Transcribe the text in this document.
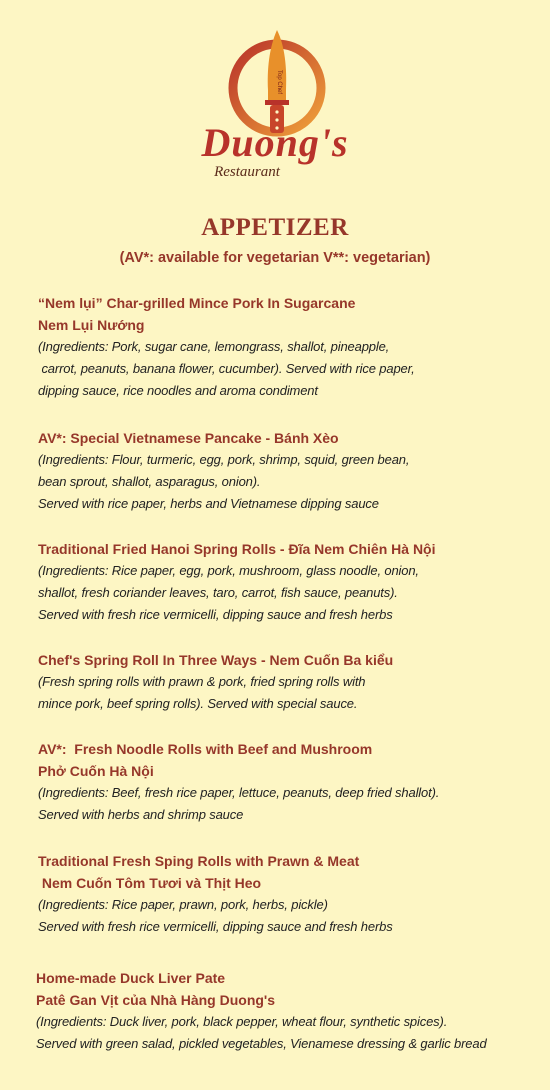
Top Chef
Duong's
Restaurant
APPETIZER
(AV*: available for vegetarian V**: vegetarian)
“Nem lụi” Char-grilled Mince Pork In Sugarcane
Nem Lụi Nướng
(Ingredients: Pork, sugar cane, lemongrass, shallot, pineapple,
carrot, peanuts, banana flower, cucumber). Served with rice paper,
dipping sauce, rice noodles and aroma condiment
AV*: Special Vietnamese Pancake - Bánh Xèo
(Ingredients: Flour, turmeric, egg, pork, shrimp, squid, green bean,
bean sprout, shallot, asparagus, onion).
Served with rice paper, herbs and Vietnamese dipping sauce
Traditional Fried Hanoi Spring Rolls - Đĩa Nem Chiên Hà Nội
(Ingredients: Rice paper, egg, pork, mushroom, glass noodle, onion,
shallot, fresh coriander leaves, taro, carrot, fish sauce, peanuts).
Served with fresh rice vermicelli, dipping sauce and fresh herbs
Chef's Spring Roll In Three Ways - Nem Cuốn Ba kiểu
(Fresh spring rolls with prawn & pork, fried spring rolls with
mince pork, beef spring rolls). Served with special sauce.
AV*:  Fresh Noodle Rolls with Beef and Mushroom
Phở Cuốn Hà Nội
(Ingredients: Beef, fresh rice paper, lettuce, peanuts, deep fried shallot).
Served with herbs and shrimp sauce
Traditional Fresh Sping Rolls with Prawn & Meat
Nem Cuốn Tôm Tươi và Thịt Heo
(Ingredients: Rice paper, prawn, pork, herbs, pickle)
Served with fresh rice vermicelli, dipping sauce and fresh herbs
Home-made Duck Liver Pate
Patê Gan Vịt của Nhà Hàng Duong's
(Ingredients: Duck liver, pork, black pepper, wheat flour, synthetic spices).
Served with green salad, pickled vegetables, Vienamese dressing & garlic bread
